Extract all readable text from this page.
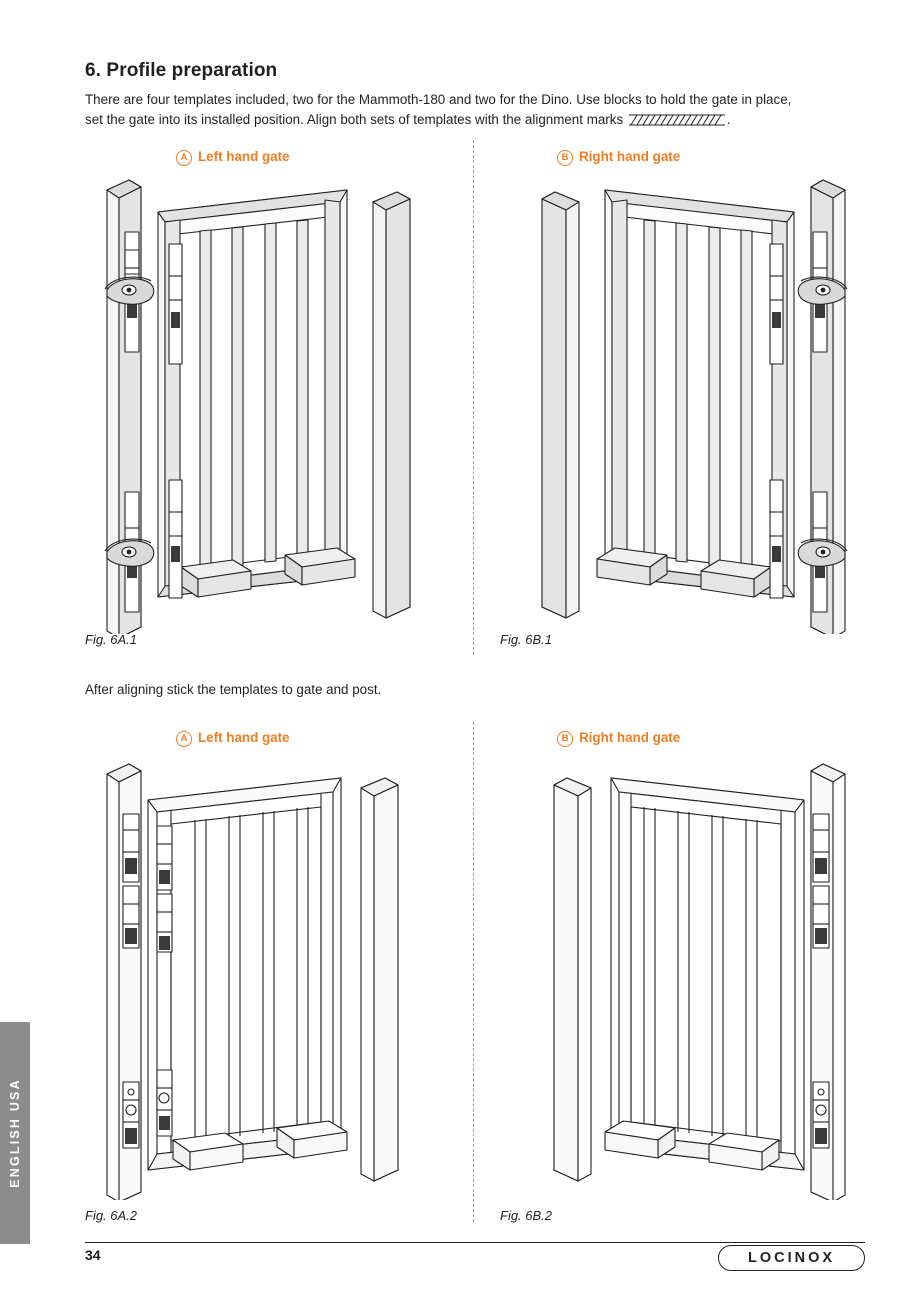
ENGLISH USA
6. Profile preparation
There are four templates included, two for the Mammoth-180 and two for the Dino. Use blocks to hold the gate in place,
set the gate into its installed position. Align both sets of templates with the alignment marks	.
A Left hand gate	B Right hand gate
Fig. 6A.1	Fig. 6B.1
After aligning stick the templates to gate and post.
A Left hand gate	B Right hand gate
Fig. 6A.2	Fig. 6B.2
34	LOCINOX
